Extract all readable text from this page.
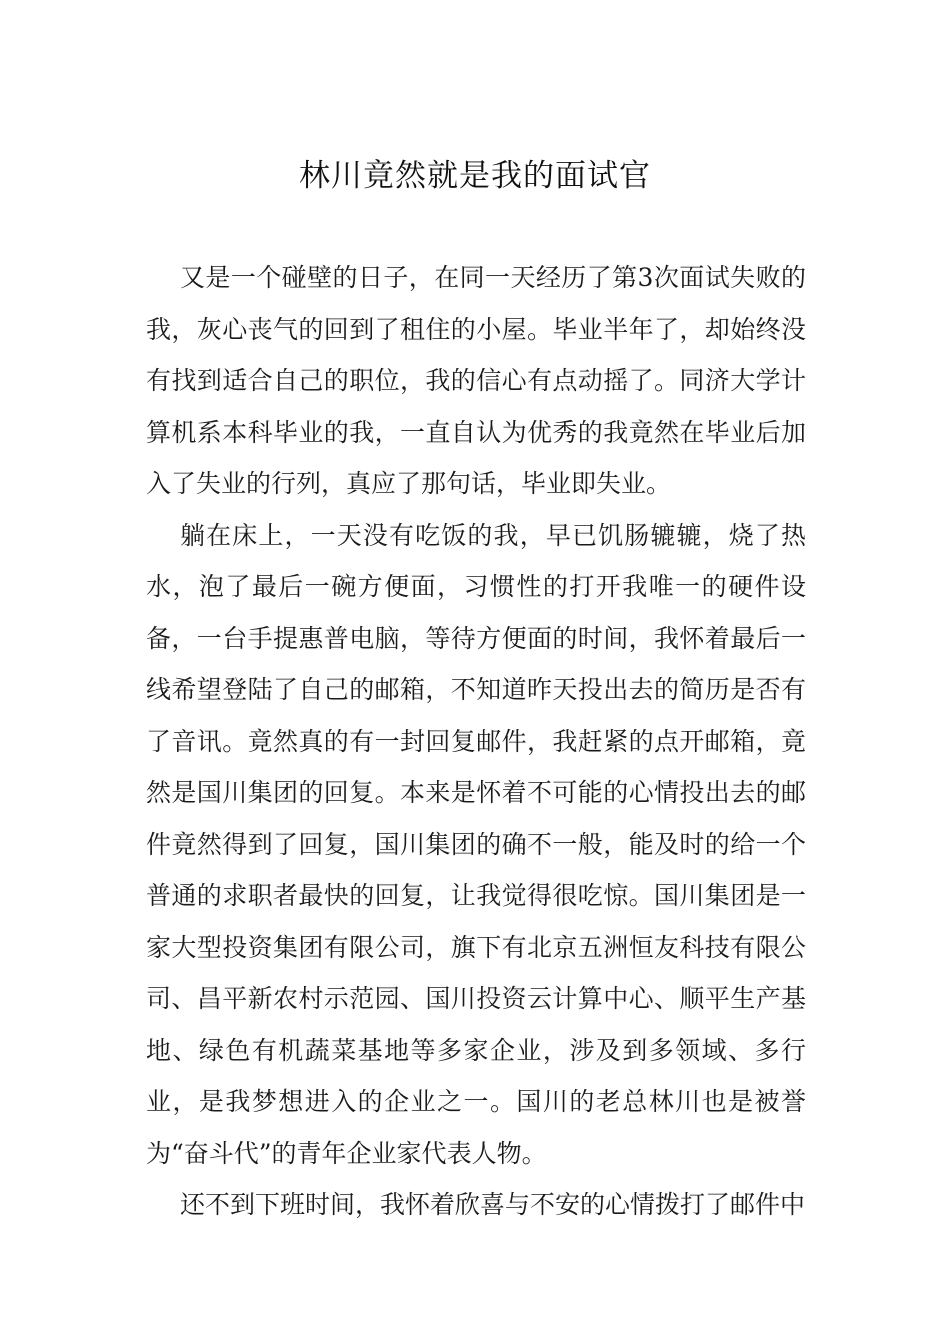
林川竟然就是我的面试官

又是一个碰壁的日子，在同一天经历了第3次面试失败的我，灰心丧气的回到了租住的小屋。毕业半年了，却始终没有找到适合自己的职位，我的信心有点动摇了。同济大学计算机系本科毕业的我，一直自认为优秀的我竟然在毕业后加入了失业的行列，真应了那句话，毕业即失业。

躺在床上，一天没有吃饭的我，早已饥肠辘辘，烧了热水，泡了最后一碗方便面，习惯性的打开我唯一的硬件设备，一台手提惠普电脑，等待方便面的时间，我怀着最后一线希望登陆了自己的邮箱，不知道昨天投出去的简历是否有了音讯。竟然真的有一封回复邮件，我赶紧的点开邮箱，竟然是国川集团的回复。本来是怀着不可能的心情投出去的邮件竟然得到了回复，国川集团的确不一般，能及时的给一个普通的求职者最快的回复，让我觉得很吃惊。国川集团是一家大型投资集团有限公司，旗下有北京五洲恒友科技有限公司、昌平新农村示范园、国川投资云计算中心、顺平生产基地、绿色有机蔬菜基地等多家企业，涉及到多领域、多行业，是我梦想进入的企业之一。国川的老总林川也是被誉为“奋斗代”的青年企业家代表人物。

还不到下班时间，我怀着欣喜与不安的心情拨打了邮件中
